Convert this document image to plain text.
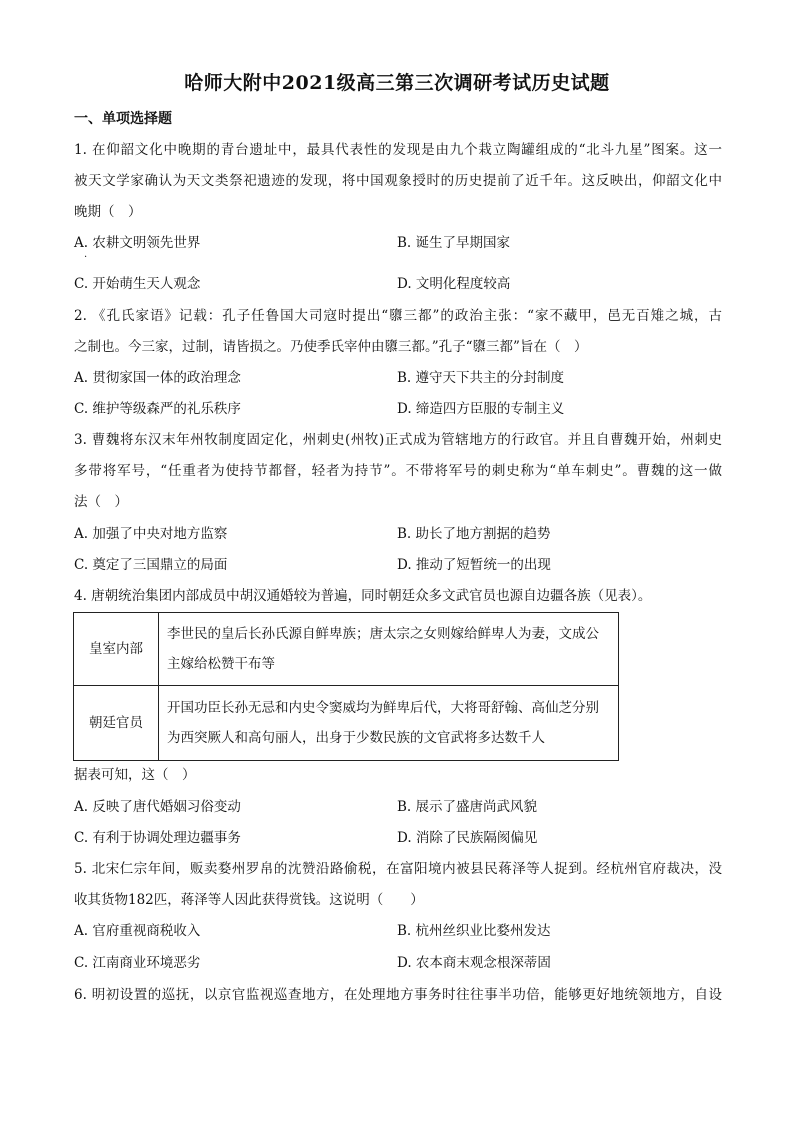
哈师大附中2021级高三第三次调研考试历史试题
一、单项选择题
1. 在仰韶文化中晚期的青台遗址中，最具代表性的发现是由九个栽立陶罐组成的“北斗九星”图案。这一
被天文学家确认为天文类祭祀遗迹的发现，将中国观象授时的历史提前了近千年。这反映出，仰韶文化中
晚期（　）
A. 农耕文明领先世界	B. 诞生了早期国家
.
C. 开始萌生天人观念	D. 文明化程度较高
2. 《孔氏家语》记载：孔子任鲁国大司寇时提出“隳三都”的政治主张：“家不藏甲，邑无百雉之城，古
之制也。今三家，过制，请皆损之。乃使季氏宰仲由隳三都。”孔子“隳三都”旨在（　）
A. 贯彻家国一体的政治理念	B. 遵守天下共主的分封制度
C. 维护等级森严的礼乐秩序	D. 缔造四方臣服的专制主义
3. 曹魏将东汉末年州牧制度固定化，州刺史(州牧)正式成为管辖地方的行政官。并且自曹魏开始，州刺史
多带将军号，“任重者为使持节都督，轻者为持节”。不带将军号的刺史称为“单车刺史”。曹魏的这一做
法（　）
A. 加强了中央对地方监察	B. 助长了地方割据的趋势
C. 奠定了三国鼎立的局面	D. 推动了短暂统一的出现
4. 唐朝统治集团内部成员中胡汉通婚较为普遍，同时朝廷众多文武官员也源自边疆各族（见表）。
皇室内部	李世民的皇后长孙氏源自鲜卑族；唐太宗之女则嫁给鲜卑人为妻，文成公主嫁给松赞干布等
朝廷官员	开国功臣长孙无忌和内史令窦威均为鲜卑后代，大将哥舒翰、高仙芝分别为西突厥人和高句丽人，出身于少数民族的文官武将多达数千人
据表可知，这（　）
A. 反映了唐代婚姻习俗变动	B. 展示了盛唐尚武风貌
C. 有利于协调处理边疆事务	D. 消除了民族隔阂偏见
5. 北宋仁宗年间，贩卖婺州罗帛的沈赞沿路偷税，在富阳境内被县民蒋泽等人捉到。经杭州官府裁决，没
收其货物182匹，蒋泽等人因此获得赏钱。这说明（　　）
A. 官府重视商税收入	B. 杭州丝织业比婺州发达
C. 江南商业环境恶劣	D. 农本商末观念根深蒂固
6. 明初设置的巡抚，以京官监视巡查地方，在处理地方事务时往往事半功倍，能够更好地统领地方，自设
